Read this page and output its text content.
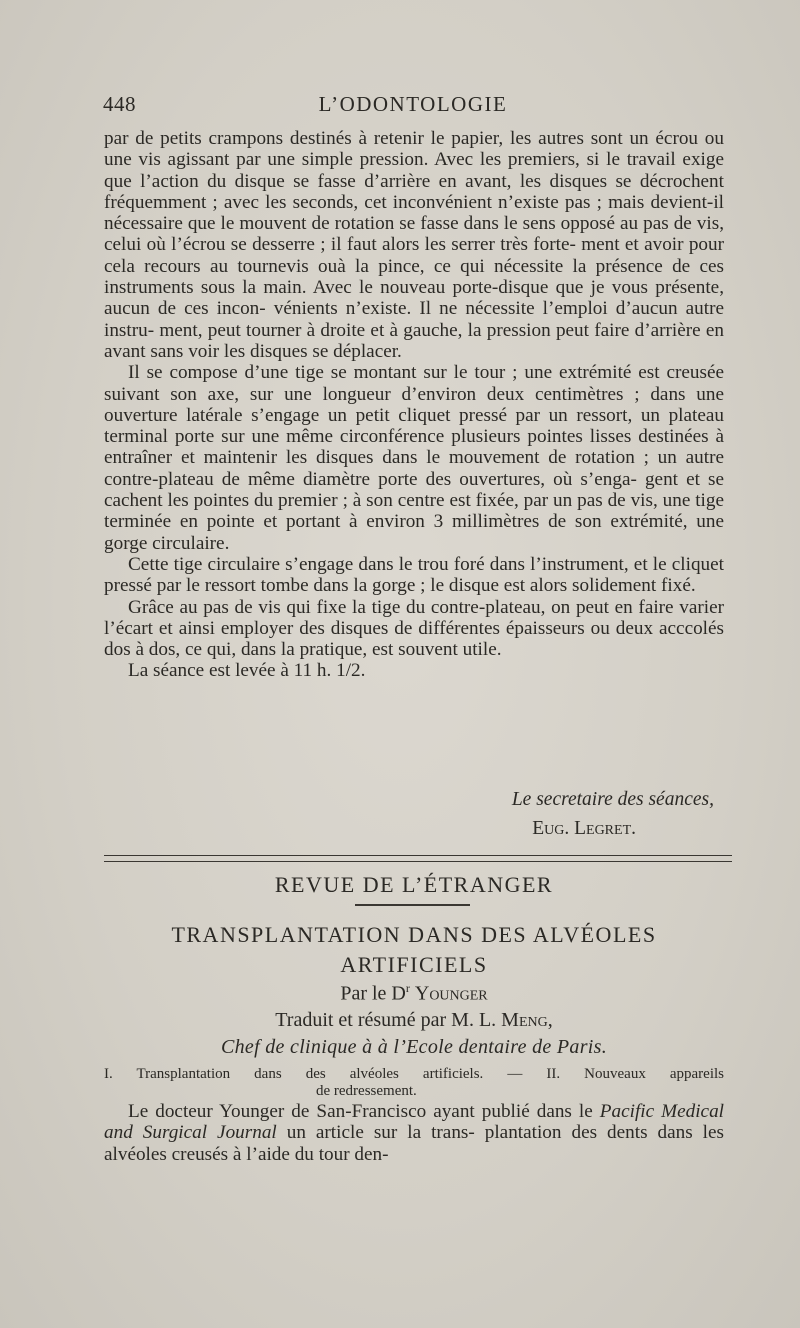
448	L’ODONTOLOGIE

par de petits crampons destinés à retenir le papier, les autres sont un écrou ou une vis agissant par une simple pression. Avec les premiers, si le travail exige que l’action du disque se fasse d’arrière en avant, les disques se décrochent fréquemment ; avec les seconds, cet inconvénient n’existe pas ; mais devient-il nécessaire que le mouvent de rotation se fasse dans le sens opposé au pas de vis, celui où l’écrou se desserre ; il faut alors les serrer très forte- ment et avoir pour cela recours au tournevis ouà la pince, ce qui nécessite la présence de ces instruments sous la main. Avec le nouveau porte-disque que je vous présente, aucun de ces incon- vénients n’existe. Il ne nécessite l’emploi d’aucun autre instru- ment, peut tourner à droite et à gauche, la pression peut faire d’arrière en avant sans voir les disques se déplacer.

Il se compose d’une tige se montant sur le tour ; une extrémité est creusée suivant son axe, sur une longueur d’environ deux centimètres ; dans une ouverture latérale s’engage un petit cliquet pressé par un ressort, un plateau terminal porte sur une même circonférence plusieurs pointes lisses destinées à entraîner et maintenir les disques dans le mouvement de rotation ; un autre contre-plateau de même diamètre porte des ouvertures, où s’enga- gent et se cachent les pointes du premier ; à son centre est fixée, par un pas de vis, une tige terminée en pointe et portant à environ 3 millimètres de son extrémité, une gorge circulaire.

Cette tige circulaire s’engage dans le trou foré dans l’instrument, et le cliquet pressé par le ressort tombe dans la gorge ; le disque est alors solidement fixé.

Grâce au pas de vis qui fixe la tige du contre-plateau, on peut en faire varier l’écart et ainsi employer des disques de différentes épaisseurs ou deux acccolés dos à dos, ce qui, dans la pratique, est souvent utile.

La séance est levée à 11 h. 1/2.

Le secretaire des séances,
Eug. Legret.
REVUE DE L’ÉTRANGER
TRANSPLANTATION DANS DES ALVÉOLES
ARTIFICIELS
Par le $D^r$ Younger
Traduit et résumé par M. L. Meng,
Chef de clinique à à l’Ecole dentaire de Paris.
I. Transplantation dans des alvéoles artificiels. — II. Nouveaux appareils
de redressement.

Le docteur Younger de San-Francisco ayant publié dans le Pacific Medical and Surgical Journal un article sur la trans- plantation des dents dans les alvéoles creusés à l’aide du tour den-
